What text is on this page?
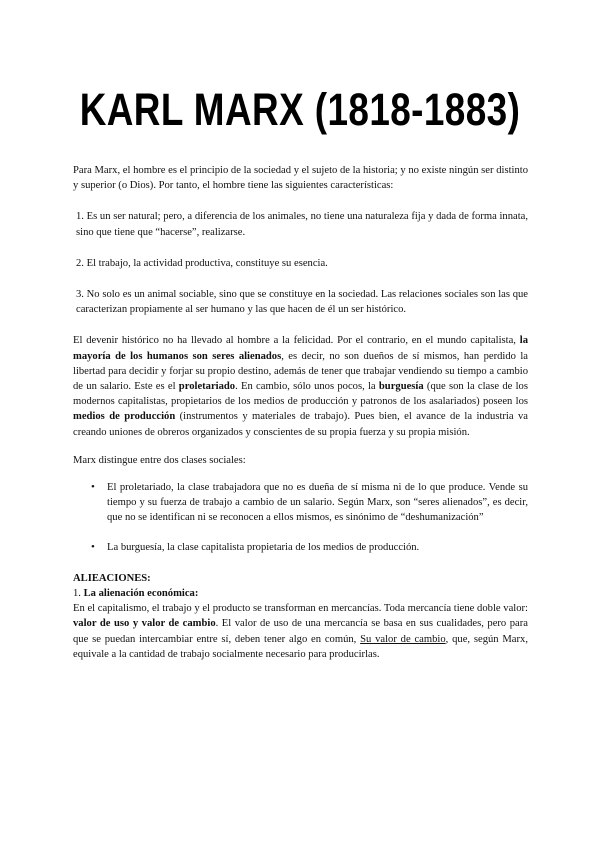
KARL MARX (1818-1883)

Para Marx, el hombre es el principio de la sociedad y el sujeto de la historia; y no existe ningún ser distinto y superior (o Dios). Por tanto, el hombre tiene las siguientes características:

1. Es un ser natural; pero, a diferencia de los animales, no tiene una naturaleza fija y dada de forma innata, sino que tiene que “hacerse”, realizarse.

2. El trabajo, la actividad productiva, constituye su esencia.

3. No solo es un animal sociable, sino que se constituye en la sociedad. Las relaciones sociales son las que caracterizan propiamente al ser humano y las que hacen de él un ser histórico.

El devenir histórico no ha llevado al hombre a la felicidad. Por el contrario, en el mundo capitalista, la mayoría de los humanos son seres alienados, es decir, no son dueños de sí mismos, han perdido la libertad para decidir y forjar su propio destino, además de tener que trabajar vendiendo su tiempo a cambio de un salario. Este es el proletariado. En cambio, sólo unos pocos, la burguesía (que son la clase de los modernos capitalistas, propietarios de los medios de producción y patronos de los asalariados) poseen los medios de producción (instrumentos y materiales de trabajo). Pues bien, el avance de la industria va creando uniones de obreros organizados y conscientes de su propia fuerza y su propia misión.

Marx distingue entre dos clases sociales:

• El proletariado, la clase trabajadora que no es dueña de sí misma ni de lo que produce. Vende su tiempo y su fuerza de trabajo a cambio de un salario. Según Marx, son “seres alienados”, es decir, que no se identifican ni se reconocen a ellos mismos, es sinónimo de “deshumanización”
• La burguesía, la clase capitalista propietaria de los medios de producción.

ALIEACIONES:

1. La alienación económica:

En el capitalismo, el trabajo y el producto se transforman en mercancías. Toda mercancía tiene doble valor: valor de uso y valor de cambio. El valor de uso de una mercancía se basa en sus cualidades, pero para que se puedan intercambiar entre sí, deben tener algo en común, Su valor de cambio, que, según Marx, equivale a la cantidad de trabajo socialmente necesario para producirlas.
